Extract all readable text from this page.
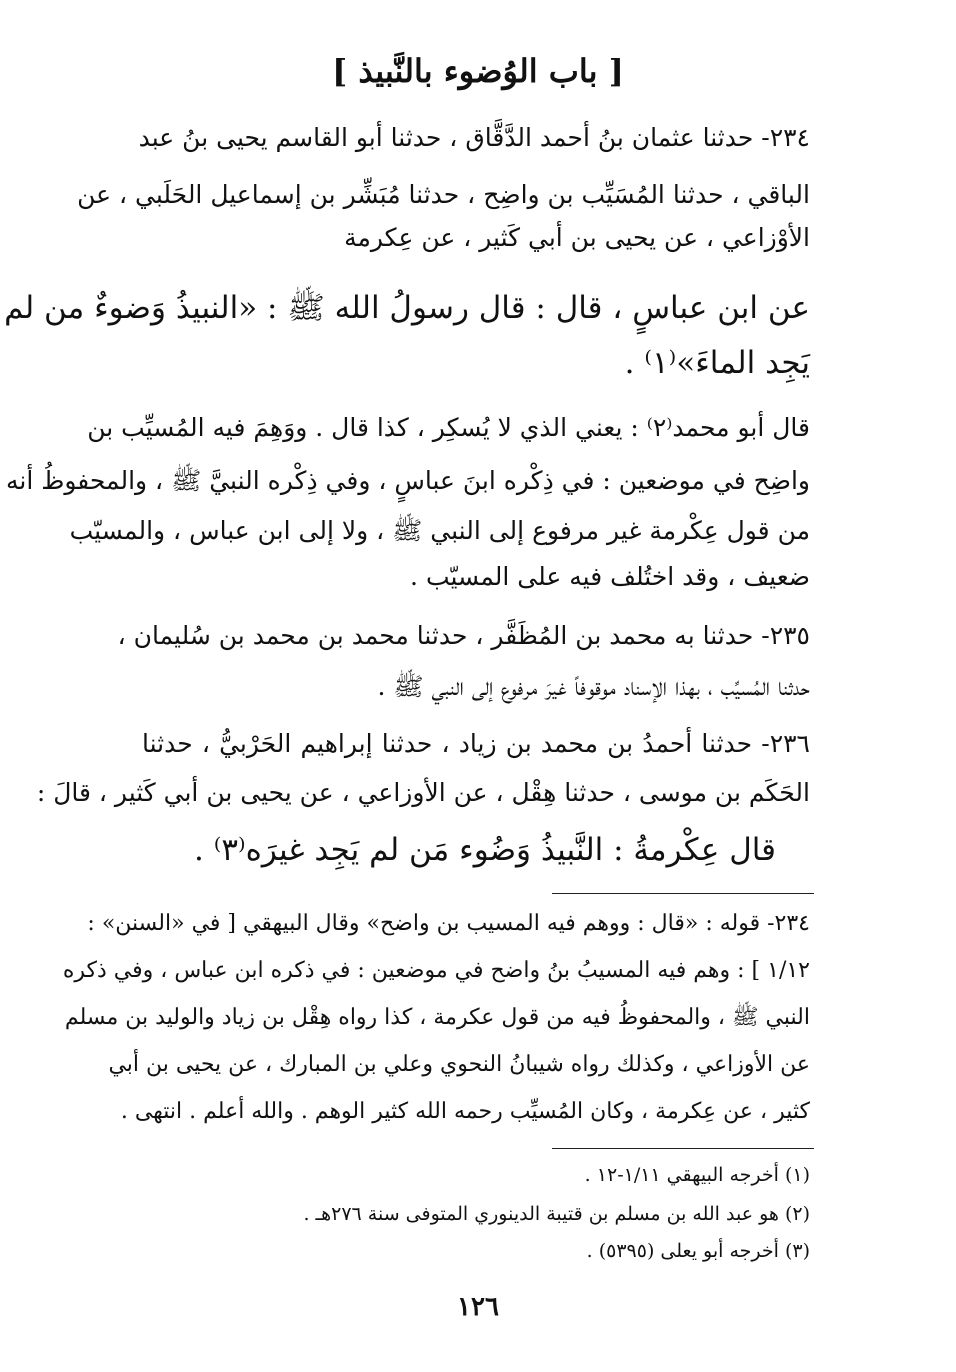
[ باب الوُضوء بالنَّبيذ ]
٢٣٤- حدثنا عثمان بنُ أحمد الدَّقَّاق ، حدثنا أبو القاسم يحيى بنُ عبد
الباقي ، حدثنا المُسَيِّب بن واضِح ، حدثنا مُبَشِّر بن إسماعيل الحَلَبي ، عن
الأوْزاعي ، عن يحيى بن أبي كَثير ، عن عِكرمة
عن ابن عباسٍ ، قال : قال رسولُ الله ﷺ : «النبيذُ وَضوءٌ من لم
يَجِد الماءَ»⁽١⁾ .
قال أبو محمد⁽٢⁾ : يعني الذي لا يُسكِر ، كذا قال . ووَهِمَ فيه المُسيِّب بن
واضِح في موضعين : في ذِكْره ابنَ عباسٍ ، وفي ذِكْره النبيَّ ﷺ ، والمحفوظُ أنه
من قول عِكْرمة غير مرفوع إلى النبي ﷺ ، ولا إلى ابن عباس ، والمسيّب
ضعيف ، وقد اختُلف فيه على المسيّب .
٢٣٥- حدثنا به محمد بن المُظَفَّر ، حدثنا محمد بن محمد بن سُليمان ،
حدثنا المُسيِّب ، بهذا الإسناد موقوفاً غيرَ مرفوع إلى النبي ﷺ .
٢٣٦- حدثنا أحمدُ بن محمد بن زياد ، حدثنا إبراهيم الحَرْبيُّ ، حدثنا
الحَكَم بن موسى ، حدثنا هِقْل ، عن الأوزاعي ، عن يحيى بن أبي كَثير ، قالَ :
قال عِكْرمةُ : النَّبيذُ وَضُوء مَن لم يَجِد غيرَه⁽٣⁾ .
٢٣٤- قوله : «قال : ووهم فيه المسيب بن واضح» وقال البيهقي [ في «السنن» :
١/١٢ ] : وهم فيه المسيبُ بنُ واضح في موضعين : في ذكره ابن عباس ، وفي ذكره
النبي ﷺ ، والمحفوظُ فيه من قول عكرمة ، كذا رواه هِقْل بن زياد والوليد بن مسلم
عن الأوزاعي ، وكذلك رواه شيبانُ النحوي وعلي بن المبارك ، عن يحيى بن أبي
كثير ، عن عِكرمة ، وكان المُسيِّب رحمه الله كثير الوهم . والله أعلم . انتهى .
(١) أخرجه البيهقي ١/١١-١٢ .
(٢) هو عبد الله بن مسلم بن قتيبة الدينوري المتوفى سنة ٢٧٦هـ .
(٣) أخرجه أبو يعلى (٥٣٩٥) .
١٢٦
